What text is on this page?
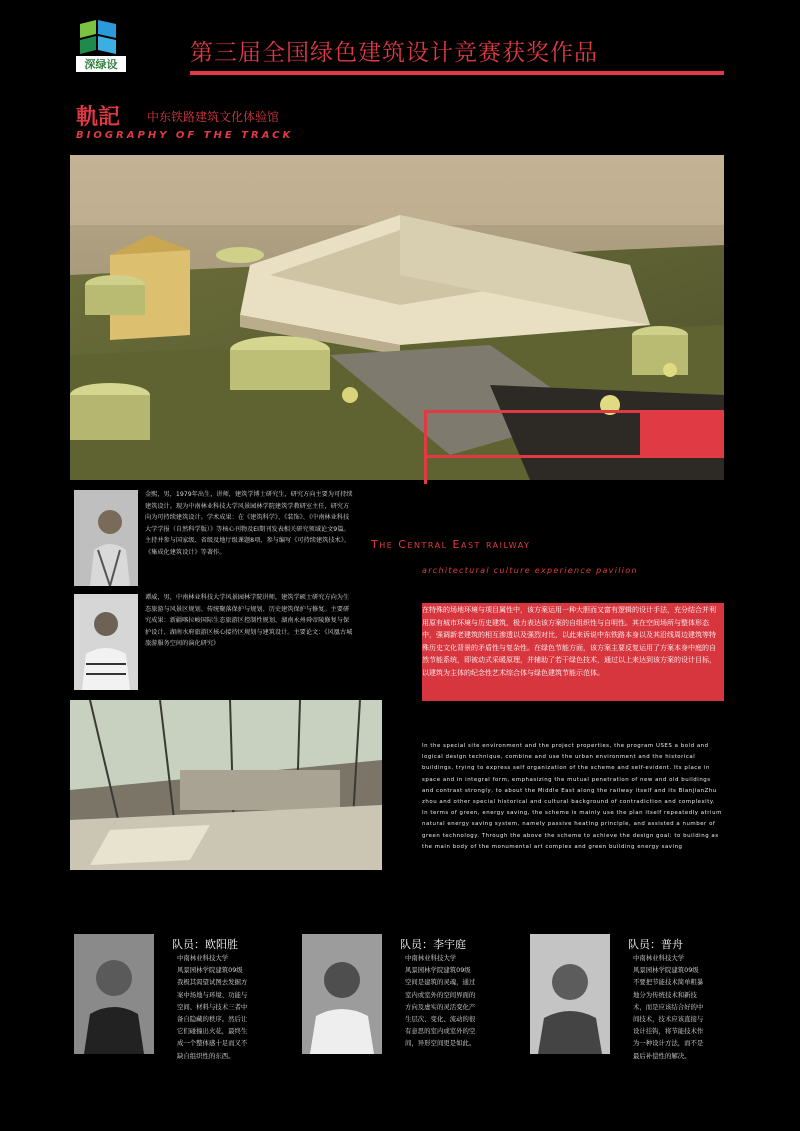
深绿设	第三届全国绿色建筑设计竞赛获奖作品
軌記 中东铁路建筑文化体验馆
BIOGRAPHY OF THE TRACK
金熙，男，1979年出生，讲师，建筑学博士研究生，研究方向主要为可持续建筑设计。现为中南林业科技大学风景园林学院建筑学教研室主任，研究方向为可持续建筑设计。学术成果：在《建筑科学》、《装饰》、《中南林业科技大学学报（自然科学版）》等核心刊物及EI期刊发表相关研究领域论文9篇。主持并参与国家级、省级及地厅级课题8项，参与编写《可持续建筑技术》、《集成化建筑设计》等著作。
谭威，男，中南林业科技大学风景园林学院讲师，建筑学硕士研究方向为生态旅游与风景区规划、传统聚落保护与规划、历史建筑保护与修复。主要研究成果：新疆喀拉峻国际生态旅游区控制性规划、湖南永州舜帝陵修复与保护设计、湖南水府旅游区核心接待区规划与建筑设计。主要论文：《风凰古城旅游服务空间的演化研究》
The Central East railway
architectural culture experience pavilion
在特殊的场地环境与项目属性中，该方案运用一种大胆而又富有逻辑的设计手法，充分结合并利用原有城市环境与历史建筑，极力表达该方案的自组织性与自明性。其在空间场所与整体形态中，强调新老建筑的相互渗透以及强烈对比，以此来诉说中东铁路本身以及其沿线周边建筑等特殊历史文化背景的矛盾性与复杂性。在绿色节能方面，该方案主要反复运用了方案本身中庭的自然节能系统，即被动式采暖原理，并辅助了若干绿色技术，通过以上来达到该方案的设计目标，以建筑为主体的纪念性艺术综合体与绿色建筑节能示范体。
In the special site environment and the project properties, the program USES a bold and logical design technique, combine and use the urban environment and the historical buildings, trying to express self organization of the scheme and self-evident. Its place in space and in integral form, emphasizing the mutual penetration of new and old buildings and contrast strongly, to about the Middle East along the railway itself and its BianjianZhu zhou and other special historical and cultural background of contradiction and complexity. In terms of green, energy saving, the scheme is mainly use the plan itself repeatedly atrium natural energy saving system, namely passive heating principle, and assisted a number of green technology. Through the above the scheme to achieve the design goal: to building as the main body of the monumental art complex and green building energy saving
队员：欧阳胜

中南林业科技大学

风景园林学院建筑09级

我极其渴望试图去发掘方案中场地与环境、功能与空间、材料与技术三者中备自隐藏的秩序。然后让它们碰撞出火花，最终生成一个整体感十足而又不缺自组织性的东西。

队员：李宇庭

中南林业科技大学

风景园林学院建筑09级

空间是建筑的灵魂，通过室内或室外的空间界面的方向及虚实的灵活变化产生层次、变化、流动的很有意思的室内或室外的空间，异形空间更是如此。

队员：普舟

中南林业科技大学

风景园林学院建筑09级

不要把节能技术简单粗暴地分为传统技术和新技术，而是应该结合好的中间技术，技术应该直接与设计挂钩，将节能技术作为一种设计方法，而不是最后补偿性的解决。
